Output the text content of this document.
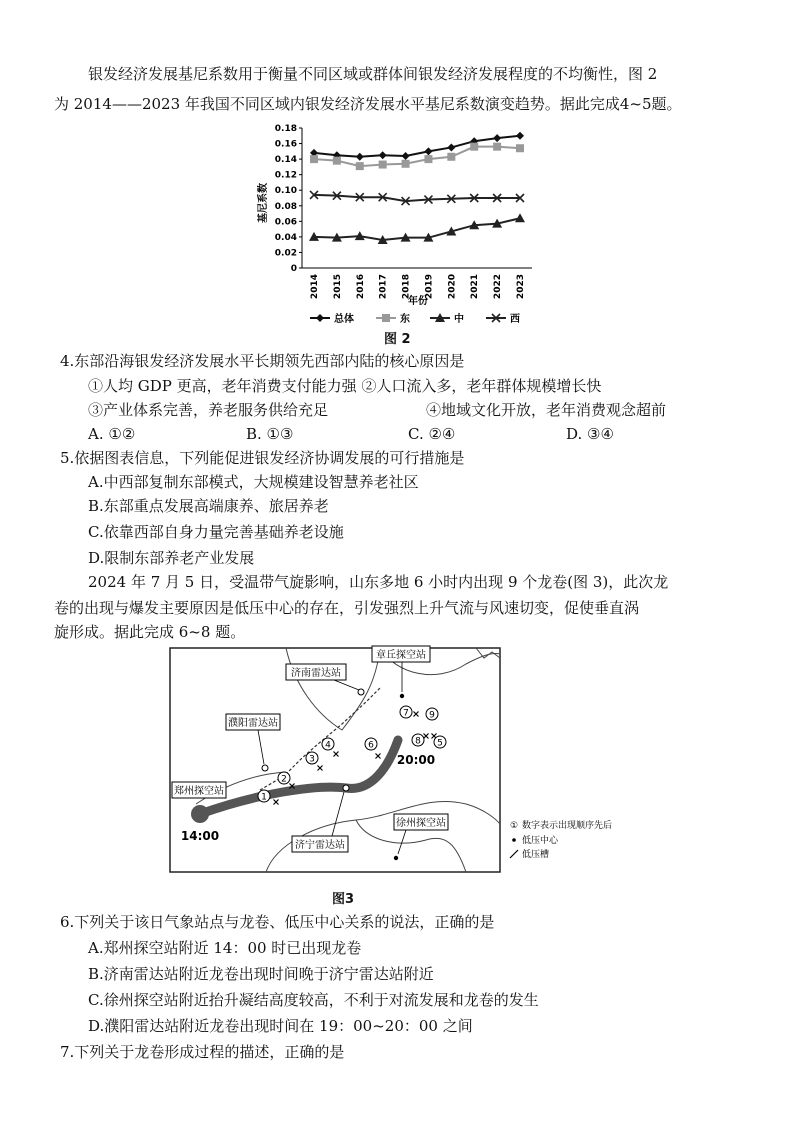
银发经济发展基尼系数用于衡量不同区域或群体间银发经济发展程度的不均衡性，图 2
为 2014——2023 年我国不同区域内银发经济发展水平基尼系数演变趋势。据此完成4~5题。
0
0.02
0.04
0.06
0.08
0.10
0.12
0.14
0.16
0.18
2014 2015 2016 2017 2018 2019 2020 2021 2022 2023
基尼系数
年份
总体	东	中	西
图 2
4.东部沿海银发经济发展水平长期领先西部内陆的核心原因是
①人均 GDP 更高，老年消费支付能力强 ②人口流入多，老年群体规模增长快
③产业体系完善，养老服务供给充足	④地域文化开放，老年消费观念超前
A. ①②	B. ①③	C. ②④	D. ③④
5.依据图表信息，下列能促进银发经济协调发展的可行措施是
A.中西部复制东部模式，大规模建设智慧养老社区
B.东部重点发展高端康养、旅居养老
C.依靠西部自身力量完善基础养老设施
D.限制东部养老产业发展
2024 年 7 月 5 日，受温带气旋影响，山东多地 6 小时内出现 9 个龙卷(图 3)，此次龙
卷的出现与爆发主要原因是低压中心的存在，引发强烈上升气流与风速切变，促使垂直涡
旋形成。据此完成 6~8 题。
章丘探空站
济南雷达站
濮阳雷达站
郑州探空站
济宁雷达站
徐州探空站
14:00
20:00
1
2
3
4	6
7
8
9
5
① 数字表示出现顺序先后
低压中心
低压槽
图3
6.下列关于该日气象站点与龙卷、低压中心关系的说法，正确的是
A.郑州探空站附近 14：00 时已出现龙卷
B.济南雷达站附近龙卷出现时间晚于济宁雷达站附近
C.徐州探空站附近抬升凝结高度较高，不利于对流发展和龙卷的发生
D.濮阳雷达站附近龙卷出现时间在 19：00~20：00 之间
7.下列关于龙卷形成过程的描述，正确的是
